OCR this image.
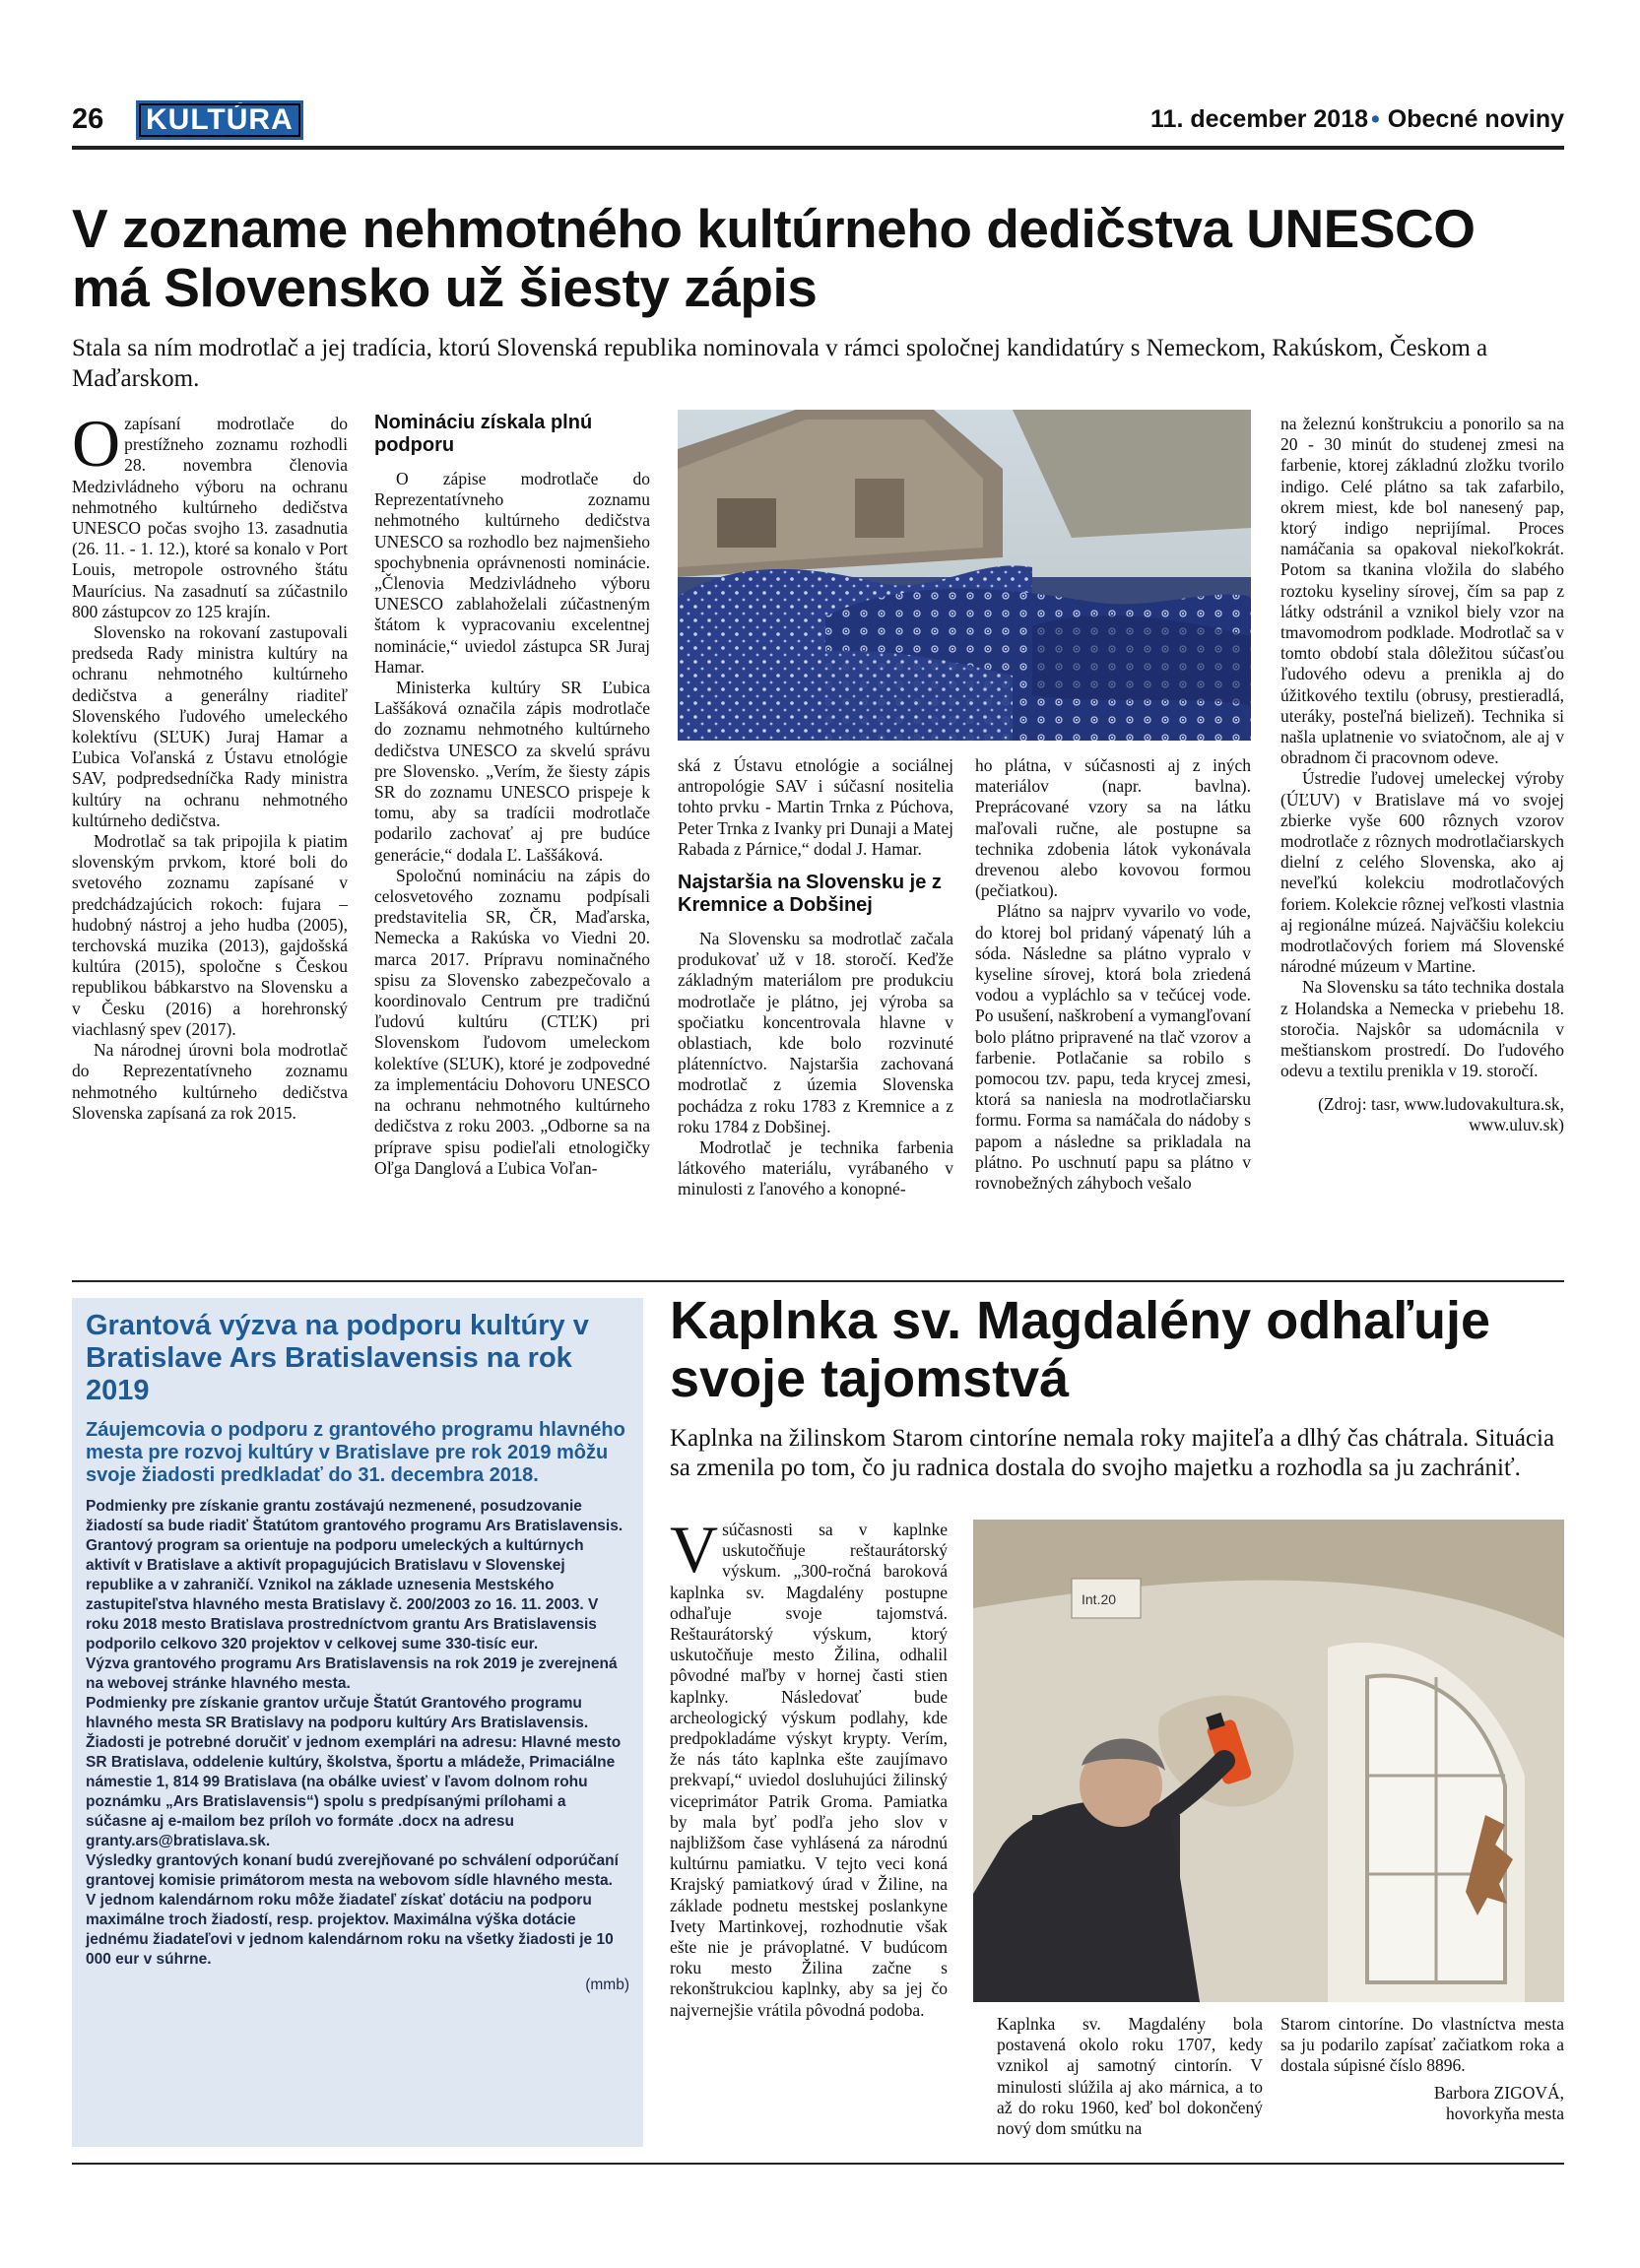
26	KULTÚRA	11. december 2018 • Obecné noviny
V zozname nehmotného kultúrneho dedičstva UNESCO má Slovensko už šiesty zápis
Stala sa ním modrotlač a jej tradícia, ktorú Slovenská republika nominovala v rámci spoločnej kandidatúry s Nemeckom, Rakúskom, Českom a Maďarskom.
O zapísaní modrotlače do prestížneho zoznamu rozhodli 28. novembra členovia Medzivládneho výboru na ochranu nehmotného kultúrneho dedičstva UNESCO počas svojho 13. zasadnutia (26. 11. - 1. 12.), ktoré sa konalo v Port Louis, metropole ostrovného štátu Maurícius. Na zasadnutí sa zúčastnilo 800 zástupcov zo 125 krajín.

Slovensko na rokovaní zastupovali predseda Rady ministra kultúry na ochranu nehmotného kultúrneho dedičstva a generálny riaditeľ Slovenského ľudového umeleckého kolektívu (SĽUK) Juraj Hamar a Ľubica Voľanská z Ústavu etnológie SAV, podpredsedníčka Rady ministra kultúry na ochranu nehmotného kultúrneho dedičstva.

Modrotlač sa tak pripojila k piatim slovenským prvkom, ktoré boli do svetového zoznamu zapísané v predchádzajúcich rokoch: fujara – hudobný nástroj a jeho hudba (2005), terchovská muzika (2013), gajdošská kultúra (2015), spoločne s Českou republikou bábkarstvo na Slovensku a v Česku (2016) a horehronský viachlasný spev (2017).

Na národnej úrovni bola modrotlač do Reprezentatívneho zoznamu nehmotného kultúrneho dedičstva Slovenska zapísaná za rok 2015.

Nomináciu získala plnú podporu

O zápise modrotlače do Reprezentatívneho zoznamu nehmotného kultúrneho dedičstva UNESCO sa rozhodlo bez najmenšieho spochybnenia oprávnenosti nominácie. „Členovia Medzivládneho výboru UNESCO zablahoželali zúčastneným štátom k vypracovaniu excelentnej nominácie,“ uviedol zástupca SR Juraj Hamar.

Ministerka kultúry SR Ľubica Laššáková označila zápis modrotlače do zoznamu nehmotného kultúrneho dedičstva UNESCO za skvelú správu pre Slovensko. „Verím, že šiesty zápis SR do zoznamu UNESCO prispeje k tomu, aby sa tradícii modrotlače podarilo zachovať aj pre budúce generácie,“ dodala Ľ. Laššáková.

Spoločnú nomináciu na zápis do celosvetového zoznamu podpísali predstavitelia SR, ČR, Maďarska, Nemecka a Rakúska vo Viedni 20. marca 2017. Prípravu nominačného spisu za Slovensko zabezpečovalo a koordinovalo Centrum pre tradičnú ľudovú kultúru (CTĽK) pri Slovenskom ľudovom umeleckom kolektíve (SĽUK), ktoré je zodpovedné za implementáciu Dohovoru UNESCO na ochranu nehmotného kultúrneho dedičstva z roku 2003. „Odborne sa na príprave spisu podieľali etnologičky Oľga Danglová a Ľubica Voľan-

ská z Ústavu etnológie a sociálnej antropológie SAV i súčasní nositelia tohto prvku - Martin Trnka z Púchova, Peter Trnka z Ivanky pri Dunaji a Matej Rabada z Párnice,“ dodal J. Hamar.

Najstaršia na Slovensku je z Kremnice a Dobšinej

Na Slovensku sa modrotlač začala produkovať už v 18. storočí. Keďže základným materiálom pre produkciu modrotlače je plátno, jej výroba sa spočiatku koncentrovala hlavne v oblastiach, kde bolo rozvinuté plátenníctvo. Najstaršia zachovaná modrotlač z územia Slovenska pochádza z roku 1783 z Kremnice a z roku 1784 z Dobšinej.

Modrotlač je technika farbenia látkového materiálu, vyrábaného v minulosti z ľanového a konopné-

ho plátna, v súčasnosti aj z iných materiálov (napr. bavlna). Preprácované vzory sa na látku maľovali ručne, ale postupne sa technika zdobenia látok vykonávala drevenou alebo kovovou formou (pečiatkou).

Plátno sa najprv vyvarilo vo vode, do ktorej bol pridaný vápenatý lúh a sóda. Následne sa plátno vypralo v kyseline sírovej, ktorá bola zriedená vodou a vypláchlo sa v tečúcej vode. Po usušení, naškrobení a vymangľovaní bolo plátno pripravené na tlač vzorov a farbenie. Potlačanie sa robilo s pomocou tzv. papu, teda krycej zmesi, ktorá sa naniesla na modrotlačiarsku formu. Forma sa namáčala do nádoby s papom a následne sa prikladala na plátno. Po uschnutí papu sa plátno v rovnobežných záhyboch vešalo

na železnú konštrukciu a ponorilo sa na 20 - 30 minút do studenej zmesi na farbenie, ktorej základnú zložku tvorilo indigo. Celé plátno sa tak zafarbilo, okrem miest, kde bol nanesený pap, ktorý indigo neprijímal. Proces namáčania sa opakoval niekoľkokrát. Potom sa tkanina vložila do slabého roztoku kyseliny sírovej, čím sa pap z látky odstránil a vznikol biely vzor na tmavomodrom podklade. Modrotlač sa v tomto období stala dôležitou súčasťou ľudového odevu a prenikla aj do úžitkového textilu (obrusy, prestieradlá, uteráky, posteľná bielizeň). Technika si našla uplatnenie vo sviatočnom, ale aj v obradnom či pracovnom odeve.

Ústredie ľudovej umeleckej výroby (ÚĽUV) v Bratislave má vo svojej zbierke vyše 600 rôznych vzorov modrotlače z rôznych modrotlačiarskych dielní z celého Slovenska, ako aj neveľkú kolekciu modrotlačových foriem. Kolekcie rôznej veľkosti vlastnia aj regionálne múzeá. Najväčšiu kolekciu modrotlačových foriem má Slovenské národné múzeum v Martine.

Na Slovensku sa táto technika dostala z Holandska a Nemecka v priebehu 18. storočia. Najskôr sa udomácnila v meštianskom prostredí. Do ľudového odevu a textilu prenikla v 19. storočí.

(Zdroj: tasr, www.ludovakultura.sk, www.uluv.sk)

Grantová výzva na podporu kultúry v Bratislave Ars Bratislavensis na rok 2019
Záujemcovia o podporu z grantového programu hlavného mesta pre rozvoj kultúry v Bratislave pre rok 2019 môžu svoje žiadosti predkladať do 31. decembra 2018.

Podmienky pre získanie grantu zostávajú nezmenené, posudzovanie žiadostí sa bude riadiť Štatútom grantového programu Ars Bratislavensis. Grantový program sa orientuje na podporu umeleckých a kultúrnych aktivít v Bratislave a aktivít propagujúcich Bratislavu v Slovenskej republike a v zahraničí. Vznikol na základe uznesenia Mestského zastupiteľstva hlavného mesta Bratislavy č. 200/2003 zo 16. 11. 2003. V roku 2018 mesto Bratislava prostredníctvom grantu Ars Bratislavensis podporilo celkovo 320 projektov v celkovej sume 330-tisíc eur.

Výzva grantového programu Ars Bratislavensis na rok 2019 je zverejnená na webovej stránke hlavného mesta.

Podmienky pre získanie grantov určuje Štatút Grantového programu hlavného mesta SR Bratislavy na podporu kultúry Ars Bratislavensis. Žiadosti je potrebné doručiť v jednom exemplári na adresu: Hlavné mesto SR Bratislava, oddelenie kultúry, školstva, športu a mládeže, Primaciálne námestie 1, 814 99 Bratislava (na obálke uviesť v ľavom dolnom rohu poznámku „Ars Bratislavensis“) spolu s predpísanými prílohami a súčasne aj e-mailom bez príloh vo formáte .docx na adresu granty.ars@bratislava.sk.

Výsledky grantových konaní budú zverejňované po schválení odporúčaní grantovej komisie primátorom mesta na webovom sídle hlavného mesta.

V jednom kalendárnom roku môže žiadateľ získať dotáciu na podporu maximálne troch žiadostí, resp. projektov. Maximálna výška dotácie jednému žiadateľovi v jednom kalendárnom roku na všetky žiadosti je 10 000 eur v súhrne.

(mmb)

Kaplnka sv. Magdalény odhaľuje svoje tajomstvá
Kaplnka na žilinskom Starom cintoríne nemala roky majiteľa a dlhý čas chátrala. Situácia sa zmenila po tom, čo ju radnica dostala do svojho majetku a rozhodla sa ju zachrániť.
V súčasnosti sa v kaplnke uskutočňuje reštaurátorský výskum. „300-ročná baroková kaplnka sv. Magdalény postupne odhaľuje svoje tajomstvá. Reštaurátorský výskum, ktorý uskutočňuje mesto Žilina, odhalil pôvodné maľby v hornej časti stien kaplnky. Následovať bude archeologický výskum podlahy, kde predpokladáme výskyt krypty. Verím, že nás táto kaplnka ešte zaujímavo prekvapí,“ uviedol dosluhujúci žilinský viceprimátor Patrik Groma. Pamiatka by mala byť podľa jeho slov v najbližšom čase vyhlásená za národnú kultúrnu pamiatku. V tejto veci koná Krajský pamiatkový úrad v Žiline, na základe podnetu mestskej poslankyne Ivety Martinkovej, rozhodnutie však ešte nie je právoplatné. V budúcom roku mesto Žilina začne s rekonštrukciou kaplnky, aby sa jej čo najvernejšie vrátila pôvodná podoba.

Int.20

Kaplnka sv. Magdalény bola postavená okolo roku 1707, kedy vznikol aj samotný cintorín. V minulosti slúžila aj ako márnica, a to až do roku 1960, keď bol dokončený nový dom smútku na

Starom cintoríne. Do vlastníctva mesta sa ju podarilo zapísať začiatkom roka a dostala súpisné číslo 8896.

Barbora ZIGOVÁ,

hovorkyňa mesta
